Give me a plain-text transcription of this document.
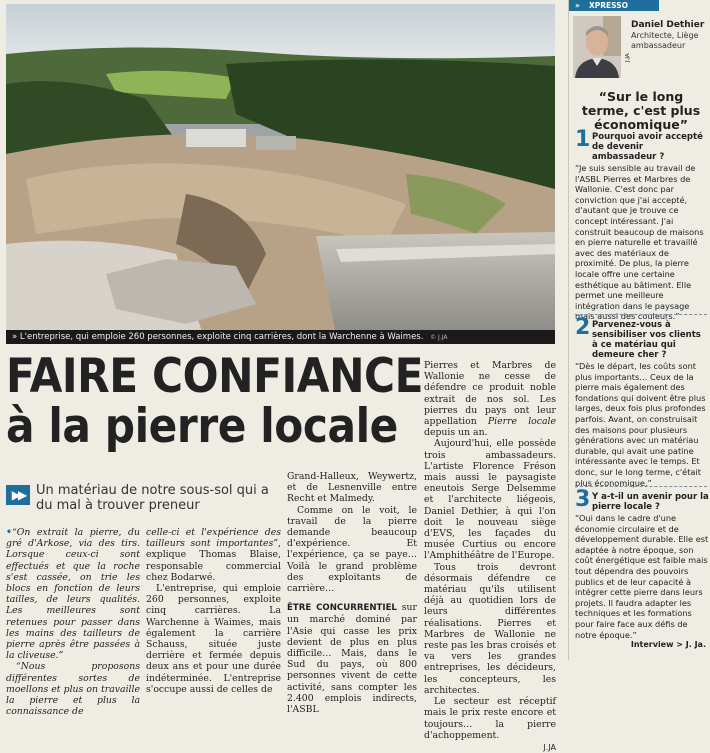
» L'entreprise, qui emploie 260 personnes, exploite cinq carrières, dont la Warchenne à Waimes. © J.JA
FAIRE CONFIANCE
à la pierre locale
▶▶ Un matériau de notre sous-sol qui a du mal à trouver preneur

•“On extrait la pierre, du gré d'Arkose, via des tirs. Lorsque ceux-ci sont effectués et que la roche s'est cassée, on trie les blocs en fonction de leurs tailles, de leurs qualités. Les meilleures sont retenues pour passer dans les mains des tailleurs de pierre après être passées à la cliveuse.”

“Nous proposons différentes sortes de moellons et plus on travaille la pierre et plus la connaissance de

celle-ci et l'expérience des tailleurs sont importantes”, explique Thomas Blaise, responsable commercial chez Bodarwé.

L'entreprise, qui emploie 260 personnes, exploite cinq carrières. La Warchenne à Waimes, mais également la carrière Schauss, située juste derrière et fermée depuis deux ans et pour une durée indéterminée. L'entreprise s'occupe aussi de celles de

Grand-Halleux, Weywertz, et de Lesnenville entre Recht et Malmedy.

Comme on le voit, le travail de la pierre demande beaucoup d'expérience. Et l'expérience, ça se paye… Voilà le grand problème des exploitants de carrière…

ÊTRE CONCURRENTIEL sur un marché dominé par l'Asie qui casse les prix devient de plus en plus difficile… Mais, dans le Sud du pays, où 800 personnes vivent de cette activité, sans compter les 2.400 emplois indirects, l'ASBL

Pierres et Marbres de Wallonie ne cesse de défendre ce produit noble extrait de nos sol. Les pierres du pays ont leur appellation Pierre locale depuis un an.

Aujourd'hui, elle possède trois ambassadeurs. L'artiste Florence Fréson mais aussi le paysagiste eneutois Serge Delsemme et l'architecte liégeois, Daniel Dethier, à qui l'on doit le nouveau siège d'EVS, les façades du musée Curtius ou encore l'Amphithéâtre de l'Europe.

Tous trois devront désormais défendre ce matériau qu'ils utilisent déjà au quotidien lors de leurs différentes réalisations. Pierres et Marbres de Wallonie ne reste pas les bras croisés et va vers les grandes entreprises, les décideurs, les concepteurs, les architectes.

Le secteur est réceptif mais le prix reste encore et toujours… la pierre d'achoppement.

J.JA
» XPRESSO
J.JA
Daniel Dethier
Architecte, Liège ambassadeur
“Sur le long terme, c'est plus économique”
1 Pourquoi avoir accepté de devenir ambassadeur ?
“Je suis sensible au travail de l'ASBL Pierres et Marbres de Wallonie. C'est donc par conviction que j'ai accepté, d'autant que je trouve ce concept intéressant. J'ai construit beaucoup de maisons en pierre naturelle et travaillé avec des matériaux de proximité. De plus, la pierre locale offre une certaine esthétique au bâtiment. Elle permet une meilleure intégration dans le paysage mais aussi des couleurs.”
2 Parvenez-vous à sensibiliser vos clients à ce matériau qui demeure cher ?
“Dès le départ, les coûts sont plus importants… Ceux de la pierre mais également des fondations qui doivent être plus larges, deux fois plus profondes parfois. Avant, on construisait des maisons pour plusieurs générations avec un matériau durable, qui avait une patine intéressante avec le temps. Et donc, sur le long terme, c'était plus économique.”
3 Y a-t-il un avenir pour la pierre locale ?
“Oui dans le cadre d'une économie circulaire et de développement durable. Elle est adaptée à notre époque, son coût énergétique est faible mais tout dépendra des pouvoirs publics et de leur capacité à intégrer cette pierre dans leurs projets. Il faudra adapter les techniques et les formations pour faire face aux défis de notre époque.”
Interview > J. Ja.
